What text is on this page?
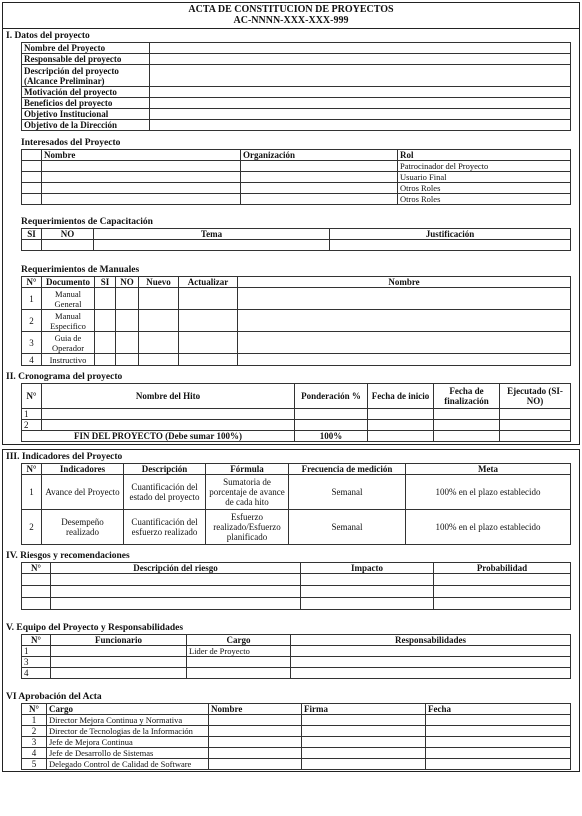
ACTA DE CONSTITUCION DE PROYECTOS
AC-NNNN-XXX-XXX-999
I. Datos del proyecto
Nombre del Proyecto	
Responsable del proyecto	
Descripción del proyecto (Alcance Preliminar)	
Motivación del proyecto	
Beneficios del proyecto	
Objetivo Institucional	
Objetivo de la Dirección	
Interesados del Proyecto
	Nombre	Organización	Rol
			Patrocinador del Proyecto
			Usuario Final
			Otros Roles
			Otros Roles
Requerimientos de Capacitación
SI	NO	Tema	Justificación

Requerimientos de Manuales
N°	Documento	SI	NO	Nuevo	Actualizar	Nombre
1	Manual General					
2	Manual Especifico					
3	Guia de Operador					
4	Instructivo					
II. Cronograma del proyecto
N°	Nombre del Hito	Ponderación %	Fecha de inicio	Fecha de finalización	Ejecutado (SI-NO)
1					
2					
FIN DEL PROYECTO (Debe sumar 100%)		100%			
III. Indicadores del Proyecto
N°	Indicadores	Descripción	Fórmula	Frecuencia de medición	Meta
1	Avance del Proyecto	Cuantificación del estado del proyecto	Sumatoria de porcentaje de avance de cada hito	Semanal	100% en el plazo establecido
2	Desempeño realizado	Cuantificación del esfuerzo realizado	Esfuerzo realizado/Esfuerzo planificado	Semanal	100% en el plazo establecido
IV. Riesgos y recomendaciones
N°	Descripción del riesgo	Impacto	Probabilidad

V. Equipo del Proyecto y Responsabilidades
N°	Funcionario	Cargo	Responsabilidades
1		Lider de Proyecto	
3			
4			
VI Aprobación del Acta
N°	Cargo	Nombre	Firma	Fecha
1	Director Mejora Continua y Normativa			
2	Director de Tecnologias de la Información			
3	Jefe de Mejora Continua			
4	Jefe de Desarrollo de Sistemas			
5	Delegado Control de Calidad de Software			
